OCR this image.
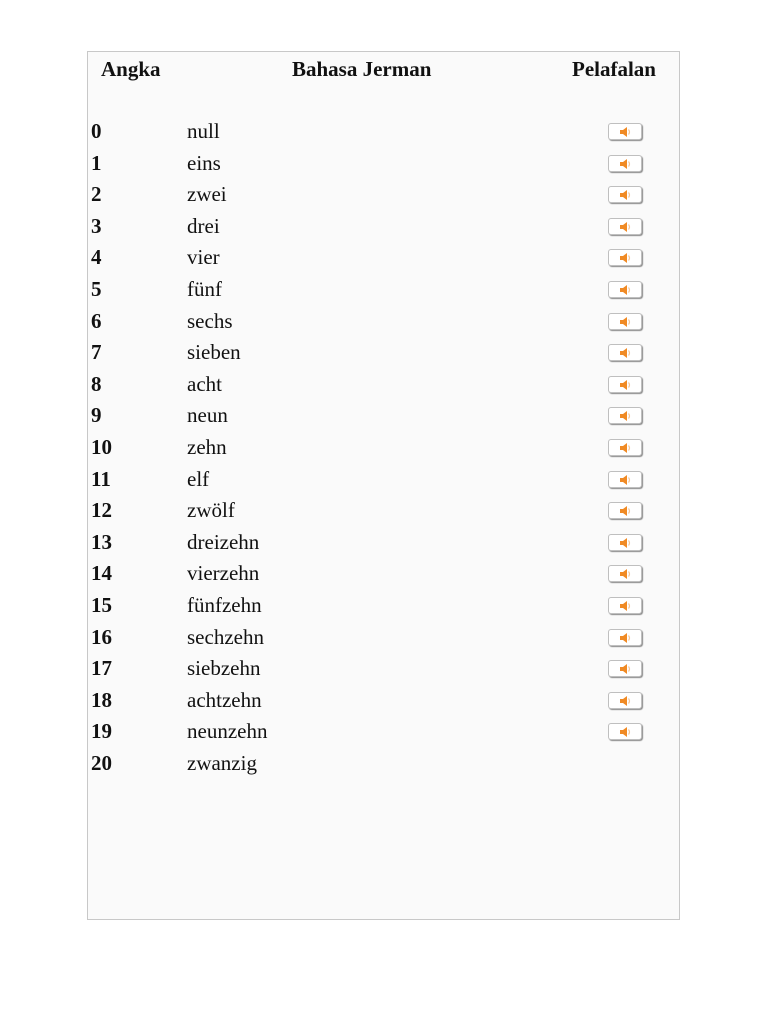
Angka	Bahasa Jerman	Pelafalan
0	null
1	eins
2	zwei
3	drei
4	vier
5	fünf
6	sechs
7	sieben
8	acht
9	neun
10	zehn
11	elf
12	zwölf
13	dreizehn
14	vierzehn
15	fünfzehn
16	sechzehn
17	siebzehn
18	achtzehn
19	neunzehn
20	zwanzig
